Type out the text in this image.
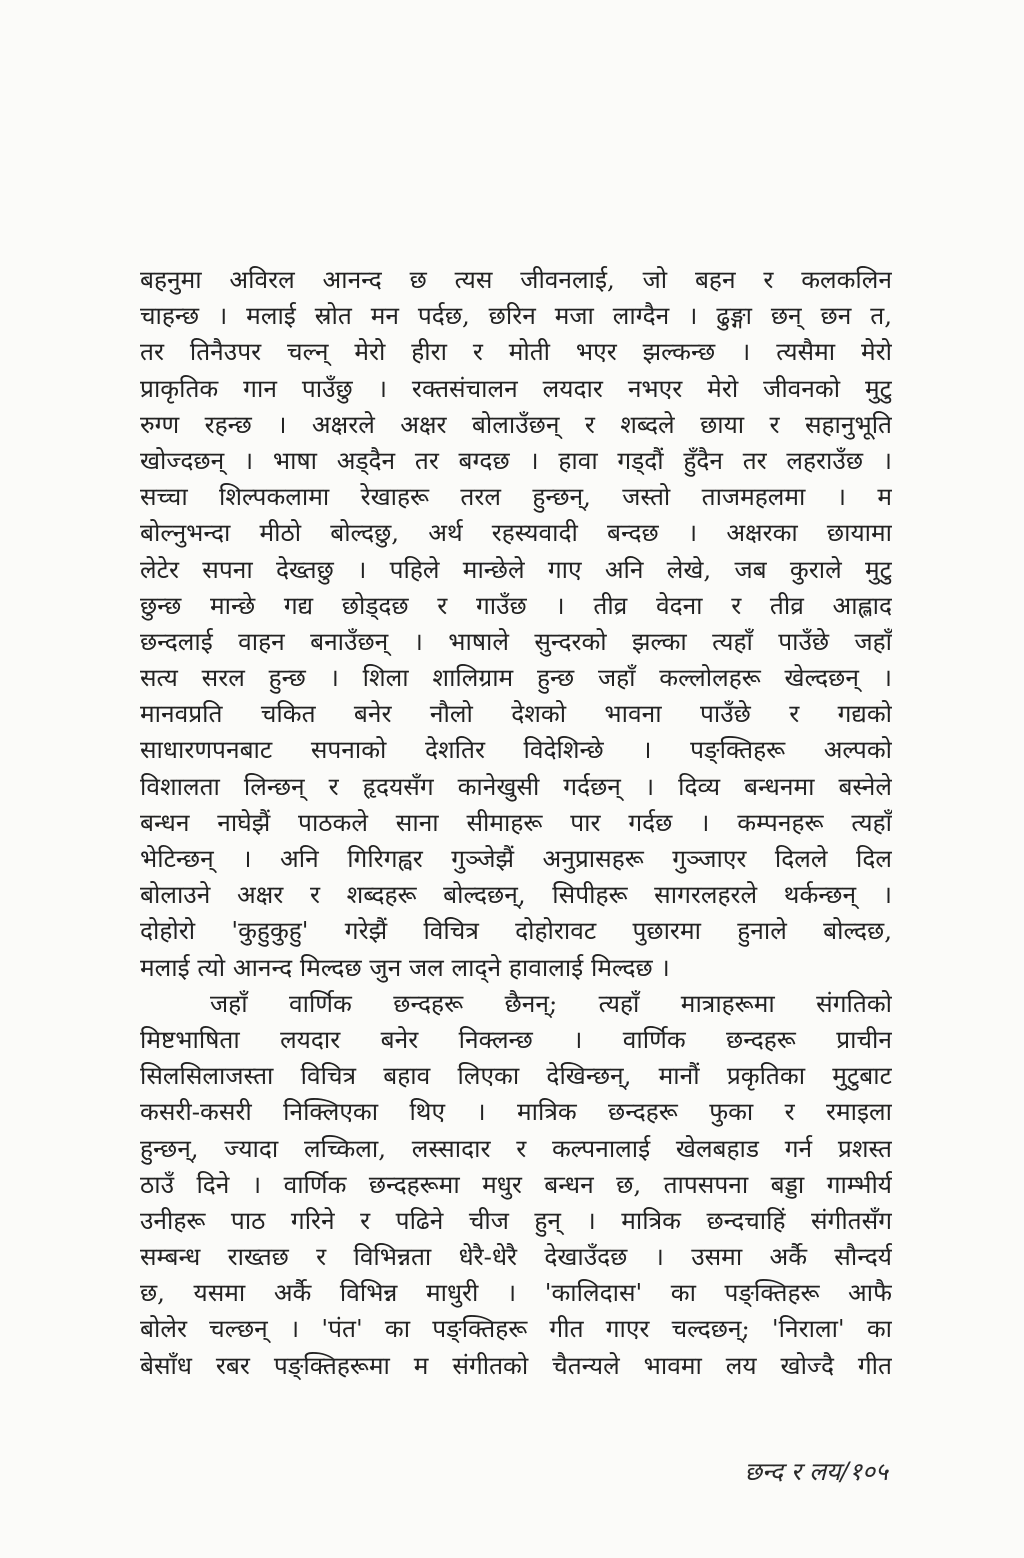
बहनुमा अविरल आनन्द छ त्यस जीवनलाई, जो बहन र कलकलिन
चाहन्छ । मलाई स्रोत मन पर्दछ, छरिन मजा लाग्दैन । ढुङ्गा छन् छन त,
तर तिनैउपर चल्न् मेरो हीरा र मोती भएर झल्कन्छ । त्यसैमा मेरो
प्राकृतिक गान पाउँछु । रक्तसंचालन लयदार नभएर मेरो जीवनको मुटु
रुग्ण रहन्छ । अक्षरले अक्षर बोलाउँछन् र शब्दले छाया र सहानुभूति
खोज्दछन् । भाषा अड्दैन तर बग्दछ । हावा गड्दौं हुँदैन तर लहराउँछ ।
सच्चा शिल्पकलामा रेखाहरू तरल हुन्छन्, जस्तो ताजमहलमा । म
बोल्नुभन्दा मीठो बोल्दछु, अर्थ रहस्यवादी बन्दछ । अक्षरका छायामा
लेटेर सपना देख्तछु । पहिले मान्छेले गाए अनि लेखे, जब कुराले मुटु
छुन्छ मान्छे गद्य छोड्दछ र गाउँछ । तीव्र वेदना र तीव्र आह्लाद
छन्दलाई वाहन बनाउँछन् । भाषाले सुन्दरको झल्का त्यहाँ पाउँछे जहाँ
सत्य सरल हुन्छ । शिला शालिग्राम हुन्छ जहाँ कल्लोलहरू खेल्दछन् ।
मानवप्रति चकित बनेर नौलो देशको भावना पाउँछे र गद्यको
साधारणपनबाट सपनाको देशतिर विदेशिन्छे । पङ्क्तिहरू अल्पको
विशालता लिन्छन् र हृदयसँग कानेखुसी गर्दछन् । दिव्य बन्धनमा बस्नेले
बन्धन नाघेझैं पाठकले साना सीमाहरू पार गर्दछ । कम्पनहरू त्यहाँ
भेटिन्छन् । अनि गिरिगह्वर गुञ्जेझैं अनुप्रासहरू गुञ्जाएर दिलले दिल
बोलाउने अक्षर र शब्दहरू बोल्दछन्, सिपीहरू सागरलहरले थर्कन्छन् ।
दोहोरो 'कुहुकुहु' गरेझैं विचित्र दोहोरावट पुछारमा हुनाले बोल्दछ,
मलाई त्यो आनन्द मिल्दछ जुन जल लाद्ने हावालाई मिल्दछ ।
जहाँ वार्णिक छन्दहरू छैनन्; त्यहाँ मात्राहरूमा संगतिको
मिष्टभाषिता लयदार बनेर निक्लन्छ । वार्णिक छन्दहरू प्राचीन
सिलसिलाजस्ता विचित्र बहाव लिएका देखिन्छन्, मानौं प्रकृतिका मुटुबाट
कसरी-कसरी निक्लिएका थिए । मात्रिक छन्दहरू फुका र रमाइला
हुन्छन्, ज्यादा लच्किला, लस्सादार र कल्पनालाई खेलबहाड गर्न प्रशस्त
ठाउँ दिने । वार्णिक छन्दहरूमा मधुर बन्धन छ, तापसपना बड्डा गाम्भीर्य
उनीहरू पाठ गरिने र पढिने चीज हुन् । मात्रिक छन्दचाहिं संगीतसँग
सम्बन्ध राख्तछ र विभिन्नता धेरै-धेरै देखाउँदछ । उसमा अर्कै सौन्दर्य
छ, यसमा अर्कै विभिन्न माधुरी । 'कालिदास' का पङ्क्तिहरू आफै
बोलेर चल्छन् । 'पंत' का पङ्क्तिहरू गीत गाएर चल्दछन्; 'निराला' का
बेसाँध रबर पङ्क्तिहरूमा म संगीतको चैतन्यले भावमा लय खोज्दै गीत
छन्द र लय/१०५
